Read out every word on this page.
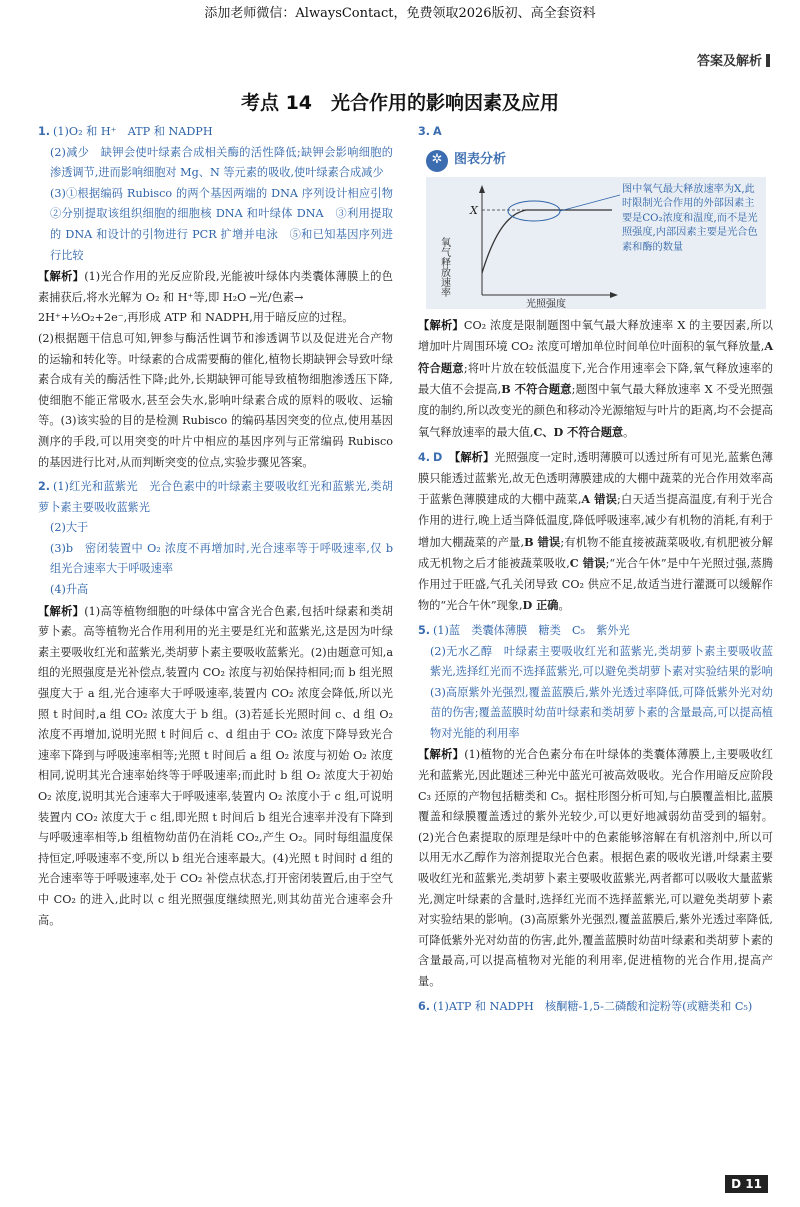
添加老师微信：AlwaysContact，免费领取2026版初、高全套资料
答案及解析
考点 14　光合作用的影响因素及应用

1. (1)O₂ 和 H⁺　ATP 和 NADPH

(2)减少　缺钾会使叶绿素合成相关酶的活性降低;缺钾会影响细胞的渗透调节,进而影响细胞对 Mg、N 等元素的吸收,使叶绿素合成减少

(3)①根据编码 Rubisco 的两个基因两端的 DNA 序列设计相应引物　②分别提取该组织细胞的细胞核 DNA 和叶绿体 DNA　③利用提取的 DNA 和设计的引物进行 PCR 扩增并电泳　⑤和已知基因序列进行比较

【解析】(1)光合作用的光反应阶段,光能被叶绿体内类囊体薄膜上的色素捕获后,将水光解为 O₂ 和 H⁺等,即 H₂O ─光/色素→

2H⁺+½O₂+2e⁻,再形成 ATP 和 NADPH,用于暗反应的过程。

(2)根据题干信息可知,钾参与酶活性调节和渗透调节以及促进光合产物的运输和转化等。叶绿素的合成需要酶的催化,植物长期缺钾会导致叶绿素合成有关的酶活性下降;此外,长期缺钾可能导致植物细胞渗透压下降,使细胞不能正常吸水,甚至会失水,影响叶绿素合成的原料的吸收、运输等。(3)该实验的目的是检测 Rubisco 的编码基因突变的位点,使用基因测序的手段,可以用突变的叶片中相应的基因序列与正常编码 Rubisco 的基因进行比对,从而判断突变的位点,实验步骤见答案。

2. (1)红光和蓝紫光　光合色素中的叶绿素主要吸收红光和蓝紫光,类胡萝卜素主要吸收蓝紫光

(2)大于

(3)b　密闭装置中 O₂ 浓度不再增加时,光合速率等于呼吸速率,仅 b 组光合速率大于呼吸速率

(4)升高

【解析】(1)高等植物细胞的叶绿体中富含光合色素,包括叶绿素和类胡萝卜素。高等植物光合作用利用的光主要是红光和蓝紫光,这是因为叶绿素主要吸收红光和蓝紫光,类胡萝卜素主要吸收蓝紫光。(2)由题意可知,a 组的光照强度是光补偿点,装置内 CO₂ 浓度与初始保持相同;而 b 组光照强度大于 a 组,光合速率大于呼吸速率,装置内 CO₂ 浓度会降低,所以光照 t 时间时,a 组 CO₂ 浓度大于 b 组。(3)若延长光照时间 c、d 组 O₂ 浓度不再增加,说明光照 t 时间后 c、d 组由于 CO₂ 浓度下降导致光合速率下降到与呼吸速率相等;光照 t 时间后 a 组 O₂ 浓度与初始 O₂ 浓度相同,说明其光合速率始终等于呼吸速率;而此时 b 组 O₂ 浓度大于初始 O₂ 浓度,说明其光合速率大于呼吸速率,装置内 O₂ 浓度小于 c 组,可说明装置内 CO₂ 浓度大于 c 组,即光照 t 时间后 b 组光合速率并没有下降到与呼吸速率相等,b 组植物幼苗仍在消耗 CO₂,产生 O₂。同时每组温度保持恒定,呼吸速率不变,所以 b 组光合速率最大。(4)光照 t 时间时 d 组的光合速率等于呼吸速率,处于 CO₂ 补偿点状态,打开密闭装置后,由于空气中 CO₂ 的进入,此时以 c 组光照强度继续照光,则其幼苗光合速率会升高。

3. A

✲ 图表分析
X
光照强度
氧气释放速率
图中氧气最大释放速率为X,此时限制光合作用的外部因素主要是CO₂浓度和温度,而不是光照强度,内部因素主要是光合色素和酶的数量

【解析】CO₂ 浓度是限制题图中氧气最大释放速率 X 的主要因素,所以增加叶片周围环境 CO₂ 浓度可增加单位时间单位叶面积的氧气释放量,A 符合题意;将叶片放在较低温度下,光合作用速率会下降,氧气释放速率的最大值不会提高,B 不符合题意;题图中氧气最大释放速率 X 不受光照强度的制约,所以改变光的颜色和移动冷光源缩短与叶片的距离,均不会提高氧气释放速率的最大值,C、D 不符合题意。

4. D 【解析】光照强度一定时,透明薄膜可以透过所有可见光,蓝紫色薄膜只能透过蓝紫光,故无色透明薄膜建成的大棚中蔬菜的光合作用效率高于蓝紫色薄膜建成的大棚中蔬菜,A 错误;白天适当提高温度,有利于光合作用的进行,晚上适当降低温度,降低呼吸速率,减少有机物的消耗,有利于增加大棚蔬菜的产量,B 错误;有机物不能直接被蔬菜吸收,有机肥被分解成无机物之后才能被蔬菜吸收,C 错误;“光合午休”是中午光照过强,蒸腾作用过于旺盛,气孔关闭导致 CO₂ 供应不足,故适当进行灌溉可以缓解作物的“光合午休”现象,D 正确。

5. (1)蓝　类囊体薄膜　糖类　C₅　紫外光

(2)无水乙醇　叶绿素主要吸收红光和蓝紫光,类胡萝卜素主要吸收蓝紫光,选择红光而不选择蓝紫光,可以避免类胡萝卜素对实验结果的影响

(3)高原紫外光强烈,覆盖蓝膜后,紫外光透过率降低,可降低紫外光对幼苗的伤害;覆盖蓝膜时幼苗叶绿素和类胡萝卜素的含量最高,可以提高植物对光能的利用率

【解析】(1)植物的光合色素分布在叶绿体的类囊体薄膜上,主要吸收红光和蓝紫光,因此题述三种光中蓝光可被高效吸收。光合作用暗反应阶段 C₃ 还原的产物包括糖类和 C₅。据柱形图分析可知,与白膜覆盖相比,蓝膜覆盖和绿膜覆盖透过的紫外光较少,可以更好地减弱幼苗受到的辐射。(2)光合色素提取的原理是绿叶中的色素能够溶解在有机溶剂中,所以可以用无水乙醇作为溶剂提取光合色素。根据色素的吸收光谱,叶绿素主要吸收红光和蓝紫光,类胡萝卜素主要吸收蓝紫光,两者都可以吸收大量蓝紫光,测定叶绿素的含量时,选择红光而不选择蓝紫光,可以避免类胡萝卜素对实验结果的影响。(3)高原紫外光强烈,覆盖蓝膜后,紫外光透过率降低,可降低紫外光对幼苗的伤害,此外,覆盖蓝膜时幼苗叶绿素和类胡萝卜素的含量最高,可以提高植物对光能的利用率,促进植物的光合作用,提高产量。

6. (1)ATP 和 NADPH　核酮糖-1,5-二磷酸和淀粉等(或糖类和 C₅)

D 11
